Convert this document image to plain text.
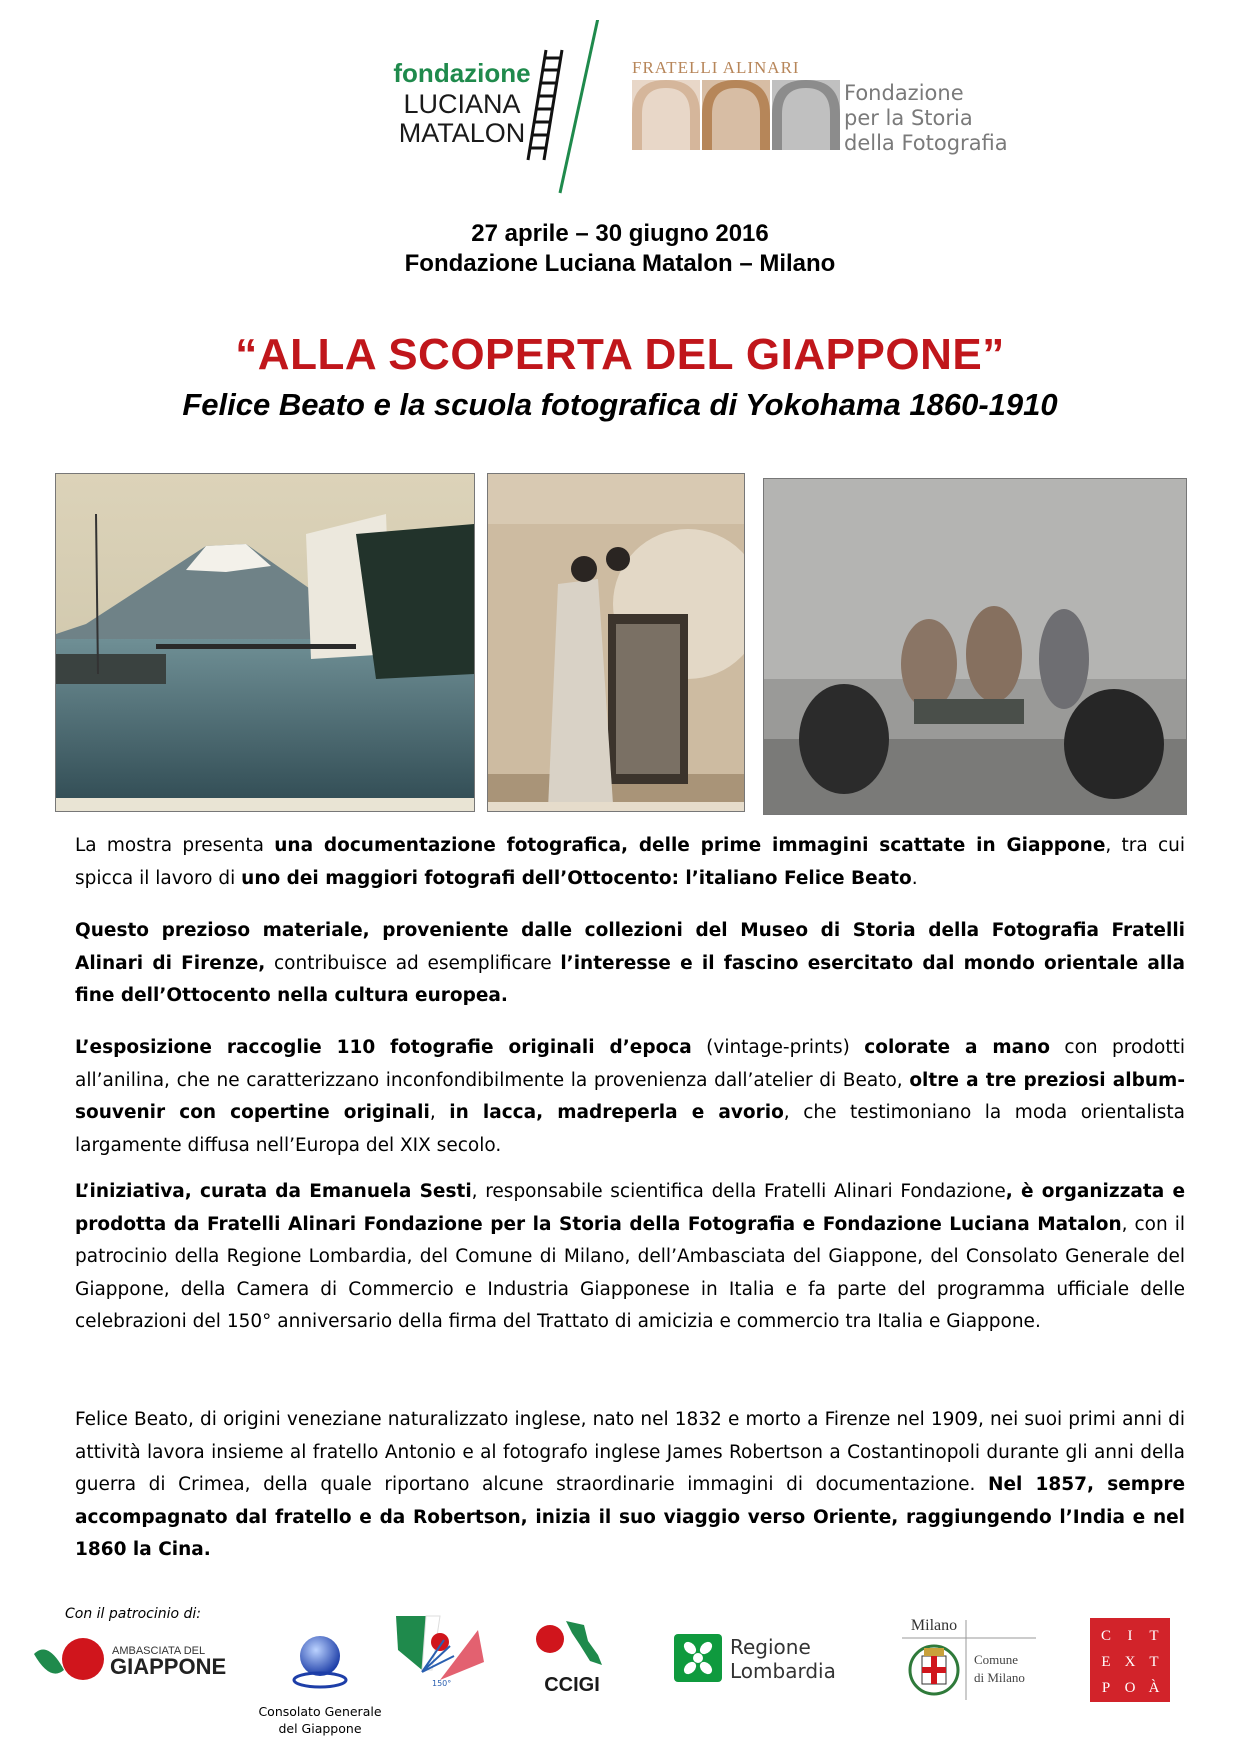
fondazione
LUCIANA
MATALON
FRATELLI ALINARI
Fondazione
per la Storia
della Fotografia
27 aprile – 30 giugno 2016
Fondazione Luciana Matalon – Milano
“ALLA SCOPERTA DEL GIAPPONE”
Felice Beato e la scuola fotografica di Yokohama 1860-1910
La mostra presenta una documentazione fotografica, delle prime immagini scattate in Giappone, tra cui spicca il lavoro di uno dei maggiori fotografi dell’Ottocento: l’italiano Felice Beato.
Questo prezioso materiale, proveniente dalle collezioni del Museo di Storia della Fotografia Fratelli Alinari di Firenze, contribuisce ad esemplificare l’interesse e il fascino esercitato dal mondo orientale alla fine dell’Ottocento nella cultura europea.
L’esposizione raccoglie 110 fotografie originali d’epoca (vintage-prints) colorate a mano con prodotti all’anilina, che ne caratterizzano inconfondibilmente la provenienza dall’atelier di Beato, oltre a tre preziosi album-souvenir con copertine originali, in lacca, madreperla e avorio, che testimoniano la moda orientalista largamente diffusa nell’Europa del XIX secolo.
L’iniziativa, curata da Emanuela Sesti, responsabile scientifica della Fratelli Alinari Fondazione, è organizzata e prodotta da Fratelli Alinari Fondazione per la Storia della Fotografia e Fondazione Luciana Matalon, con il patrocinio della Regione Lombardia, del Comune di Milano, dell’Ambasciata del Giappone, del Consolato Generale del Giappone, della Camera di Commercio e Industria Giapponese in Italia e fa parte del programma ufficiale delle celebrazioni del 150° anniversario della firma del Trattato di amicizia e commercio tra Italia e Giappone.
Felice Beato, di origini veneziane naturalizzato inglese, nato nel 1832 e morto a Firenze nel 1909, nei suoi primi anni di attività lavora insieme al fratello Antonio e al fotografo inglese James Robertson a Costantinopoli durante gli anni della guerra di Crimea, della quale riportano alcune straordinarie immagini di documentazione. Nel 1857, sempre accompagnato dal fratello e da Robertson, inizia il suo viaggio verso Oriente, raggiungendo l’India e nel 1860 la Cina.
Con il patrocinio di:
AMBASCIATA DEL
GIAPPONE
Consolato Generale
del Giappone
150°	CCIGI
Regione
Lombardia
Milano
Comune
di Milano
C I T
E X T
P O À
